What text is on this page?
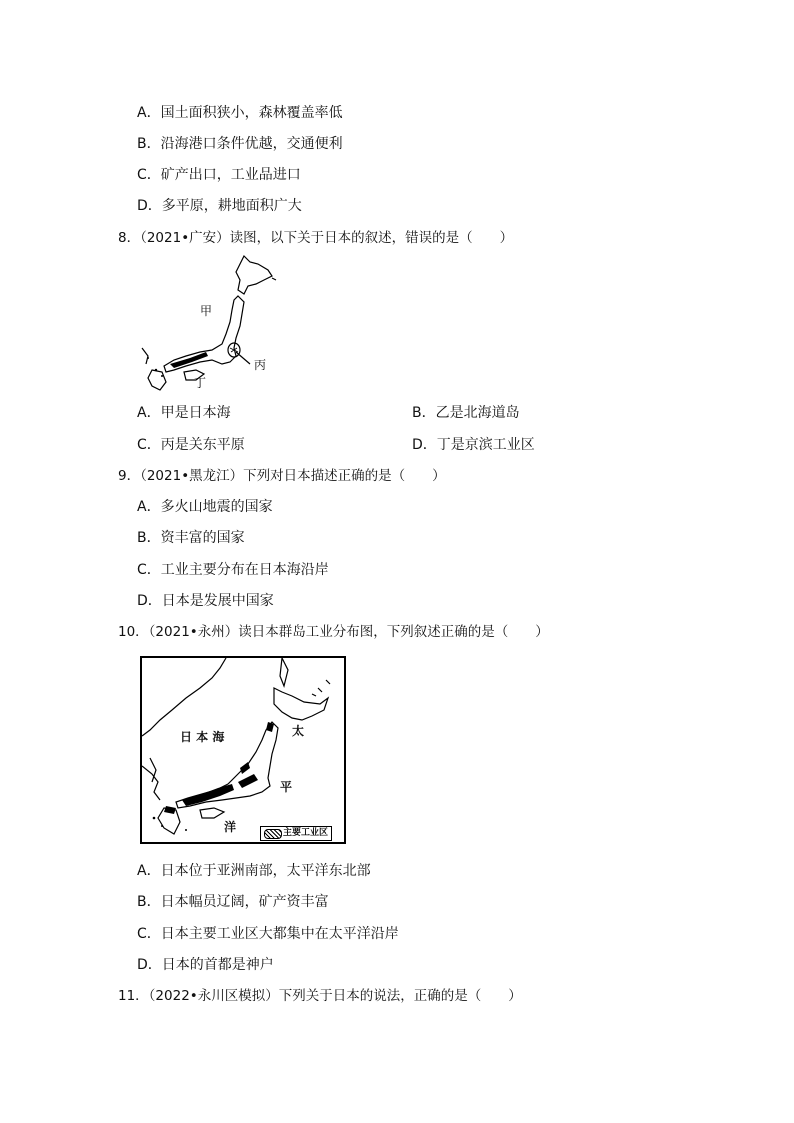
A．国土面积狭小，森林覆盖率低
B．沿海港口条件优越，交通便利
C．矿产出口，工业品进口
D．多平原，耕地面积广大
8．（2021•广安）读图，以下关于日本的叙述，错误的是（　　）
甲
丙
丁
A．甲是日本海	B．乙是北海道岛
C．丙是关东平原	D．丁是京滨工业区
9．（2021•黑龙江）下列对日本描述正确的是（　　）
A．多火山地震的国家
B．资丰富的国家
C．工业主要分布在日本海沿岸
D．日本是发展中国家
10．（2021•永州）读日本群岛工业分布图，下列叙述正确的是（　　）
日 本 海	太
平
洋	主要工业区
A．日本位于亚洲南部，太平洋东北部
B．日本幅员辽阔，矿产资丰富
C．日本主要工业区大都集中在太平洋沿岸
D．日本的首都是神户
11．（2022•永川区模拟）下列关于日本的说法，正确的是（　　）
